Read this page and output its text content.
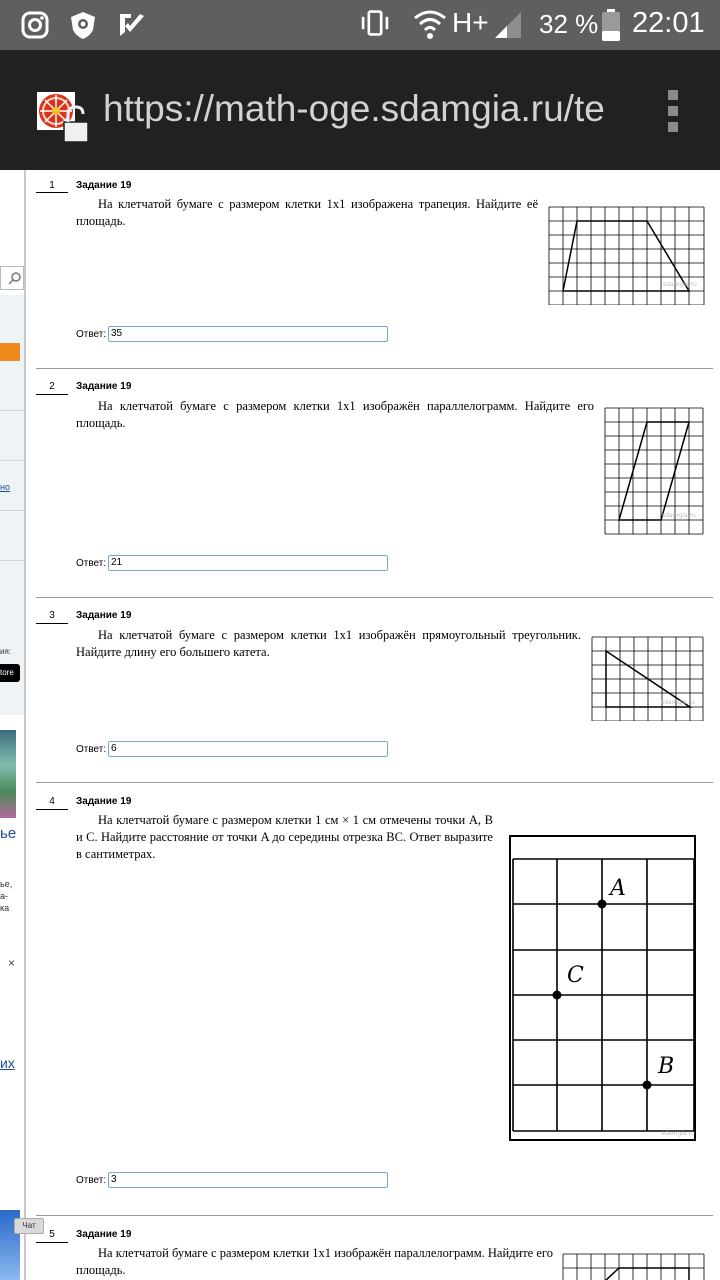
H+ 32 % 22:01
https://math-oge.sdamgia.ru/te
но
ия:
tore
ье
ье,
а-
ка
×
их
Чат
1	Задание 19
На клетчатой бумаге с размером клетки 1x1 изображена трапеция. Найдите её площадь.
sdamgia.ru
Ответ: 35
2	Задание 19
На клетчатой бумаге с размером клетки 1x1 изображён параллелограмм. Найдите его площадь.
sdamgia.ru
Ответ: 21
3	Задание 19
На клетчатой бумаге с размером клетки 1x1 изображён прямоугольный треугольник. Найдите длину его большего катета.
sdamgia.ru
Ответ: 6
4	Задание 19
На клетчатой бумаге с размером клетки 1 см × 1 см отмечены точки A, B и C. Найдите расстояние от точки A до середины отрезка BC. Ответ выразите в сантиметрах.
A
C
B
sdamgia.ru
Ответ: 3
5	Задание 19
На клетчатой бумаге с размером клетки 1x1 изображён параллелограмм. Найдите его площадь.
